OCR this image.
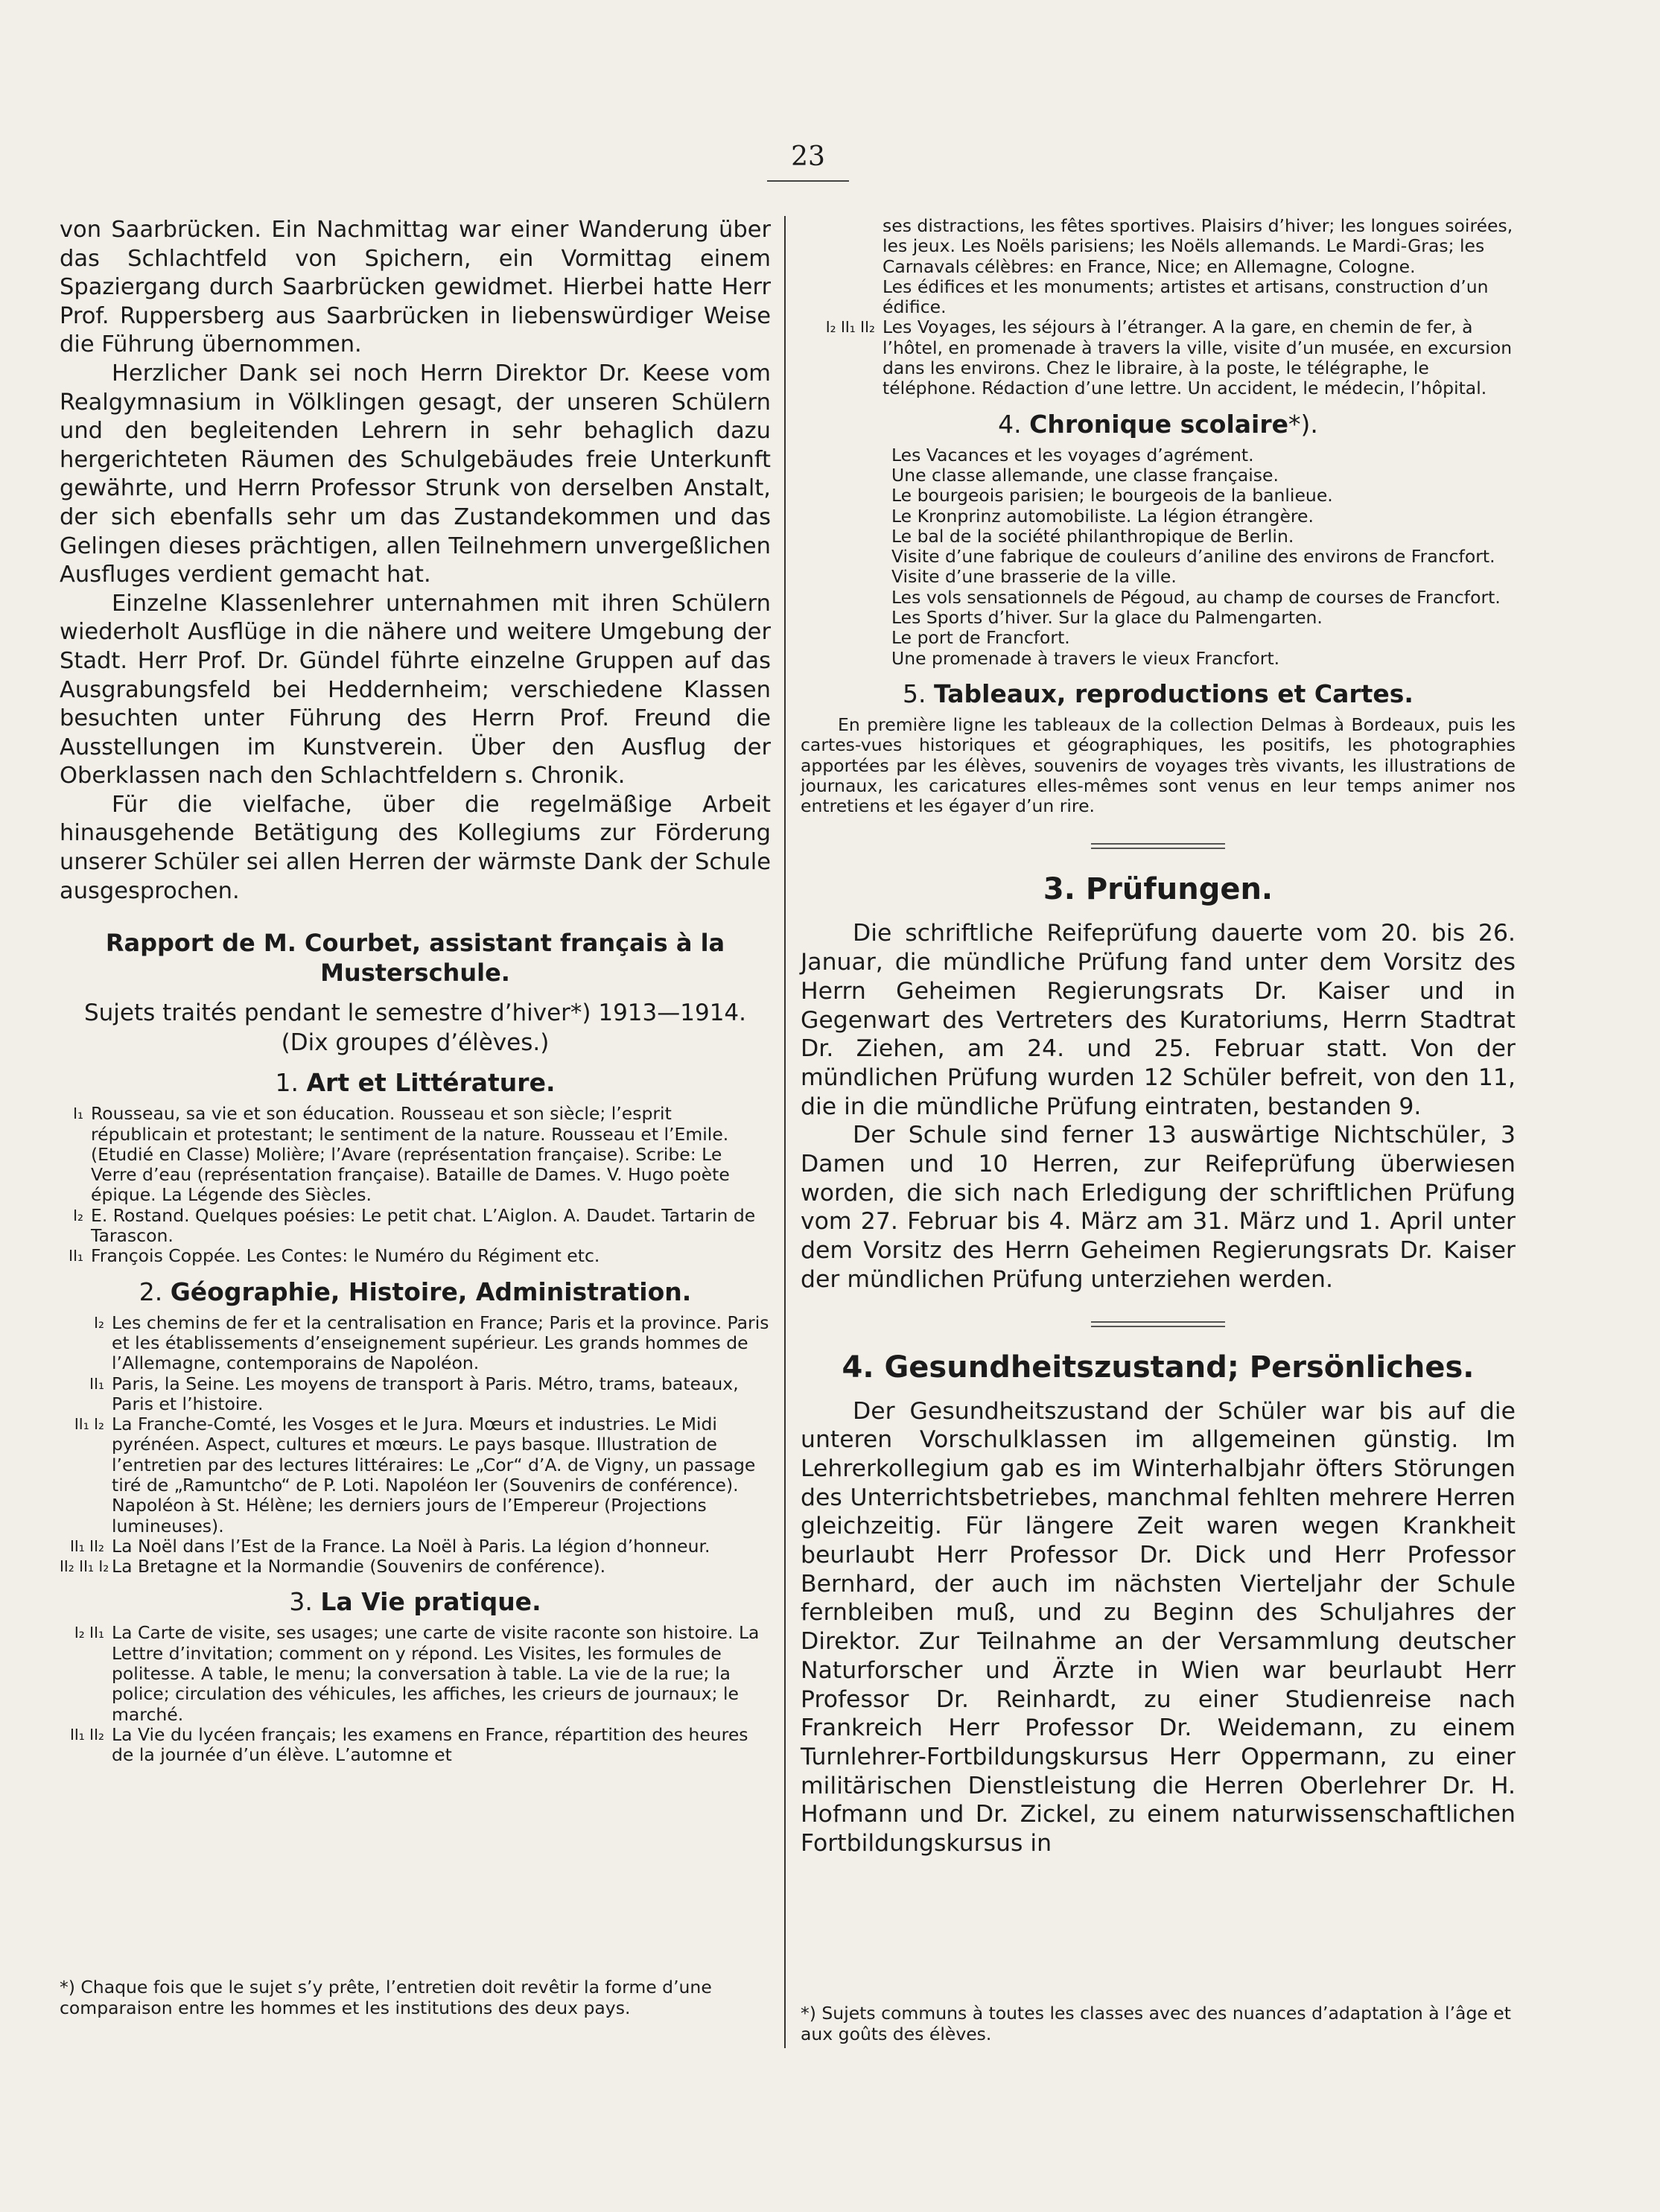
23
von Saarbrücken. Ein Nachmittag war einer Wanderung über das Schlachtfeld von Spichern, ein Vormittag einem Spaziergang durch Saarbrücken gewidmet. Hierbei hatte Herr Prof. Ruppersberg aus Saarbrücken in liebenswürdiger Weise die Führung übernommen.
Herzlicher Dank sei noch Herrn Direktor Dr. Keese vom Realgymnasium in Völklingen gesagt, der unseren Schülern und den begleitenden Lehrern in sehr behaglich dazu hergerichteten Räumen des Schulgebäudes freie Unterkunft gewährte, und Herrn Professor Strunk von derselben Anstalt, der sich ebenfalls sehr um das Zustandekommen und das Gelingen dieses prächtigen, allen Teilnehmern unvergeßlichen Ausfluges verdient gemacht hat.
Einzelne Klassenlehrer unternahmen mit ihren Schülern wiederholt Ausflüge in die nähere und weitere Umgebung der Stadt. Herr Prof. Dr. Gündel führte einzelne Gruppen auf das Ausgrabungsfeld bei Heddernheim; verschiedene Klassen besuchten unter Führung des Herrn Prof. Freund die Ausstellungen im Kunstverein. Über den Ausflug der Oberklassen nach den Schlachtfeldern s. Chronik.
Für die vielfache, über die regelmäßige Arbeit hinausgehende Betätigung des Kollegiums zur Förderung unserer Schüler sei allen Herren der wärmste Dank der Schule ausgesprochen.
Rapport de M. Courbet, assistant français à la Musterschule.
Sujets traités pendant le semestre d’hiver*) 1913—1914.
(Dix groupes d’élèves.)
1. Art et Littérature.
I₁ Rousseau, sa vie et son éducation. Rousseau et son siècle; l’esprit républicain et protestant; le sentiment de la nature. Rousseau et l’Emile. (Etudié en Classe) Molière; l’Avare (représentation française). Scribe: Le Verre d’eau (représentation française). Bataille de Dames. V. Hugo poète épique. La Légende des Siècles.
I₂ E. Rostand. Quelques poésies: Le petit chat. L’Aiglon. A. Daudet. Tartarin de Tarascon.
II₁ François Coppée. Les Contes: le Numéro du Régiment etc.
2. Géographie, Histoire, Administration.
I₂ Les chemins de fer et la centralisation en France; Paris et la province. Paris et les établissements d’enseignement supérieur. Les grands hommes de l’Allemagne, contemporains de Napoléon.
II₁ Paris, la Seine. Les moyens de transport à Paris. Métro, trams, bateaux, Paris et l’histoire.
II₁ I₂ La Franche-Comté, les Vosges et le Jura. Mœurs et industries. Le Midi pyrénéen. Aspect, cultures et mœurs. Le pays basque. Illustration de l’entretien par des lectures littéraires: Le „Cor“ d’A. de Vigny, un passage tiré de „Ramuntcho“ de P. Loti. Napoléon Ier (Souvenirs de conférence). Napoléon à St. Hélène; les derniers jours de l’Empereur (Projections lumineuses).
II₁ II₂ La Noël dans l’Est de la France. La Noël à Paris. La légion d’honneur.
II₂ II₁ I₂ La Bretagne et la Normandie (Souvenirs de conférence).
3. La Vie pratique.
I₂ II₁ La Carte de visite, ses usages; une carte de visite raconte son histoire. La Lettre d’invitation; comment on y répond. Les Visites, les formules de politesse. A table, le menu; la conversation à table. La vie de la rue; la police; circulation des véhicules, les affiches, les crieurs de journaux; le marché.
II₁ II₂ La Vie du lycéen français; les examens en France, répartition des heures de la journée d’un élève. L’automne et
*) Chaque fois que le sujet s’y prête, l’entretien doit revêtir la forme d’une comparaison entre les hommes et les institutions des deux pays.

ses distractions, les fêtes sportives. Plaisirs d’hiver; les longues soirées, les jeux. Les Noëls parisiens; les Noëls allemands. Le Mardi-Gras; les Carnavals célèbres: en France, Nice; en Allemagne, Cologne.

Les édifices et les monuments; artistes et artisans, construction d’un édifice.

I₂ II₁ II₂ Les Voyages, les séjours à l’étranger. A la gare, en chemin de fer, à l’hôtel, en promenade à travers la ville, visite d’un musée, en excursion dans les environs. Chez le libraire, à la poste, le télégraphe, le téléphone. Rédaction d’une lettre. Un accident, le médecin, l’hôpital.
4. Chronique scolaire*).
Les Vacances et les voyages d’agrément.
Une classe allemande, une classe française.
Le bourgeois parisien; le bourgeois de la banlieue.
Le Kronprinz automobiliste. La légion étrangère.
Le bal de la société philanthropique de Berlin.
Visite d’une fabrique de couleurs d’aniline des environs de Francfort.
Visite d’une brasserie de la ville.
Les vols sensationnels de Pégoud, au champ de courses de Francfort.
Les Sports d’hiver. Sur la glace du Palmengarten.
Le port de Francfort.
Une promenade à travers le vieux Francfort.
5. Tableaux, reproductions et Cartes.

En première ligne les tableaux de la collection Delmas à Bordeaux, puis les cartes-vues historiques et géographiques, les positifs, les photographies apportées par les élèves, souvenirs de voyages très vivants, les illustrations de journaux, les caricatures elles-mêmes sont venus en leur temps animer nos entretiens et les égayer d’un rire.

3. Prüfungen.
Die schriftliche Reifeprüfung dauerte vom 20. bis 26. Januar, die mündliche Prüfung fand unter dem Vorsitz des Herrn Geheimen Regierungsrats Dr. Kaiser und in Gegenwart des Vertreters des Kuratoriums, Herrn Stadtrat Dr. Ziehen, am 24. und 25. Februar statt. Von der mündlichen Prüfung wurden 12 Schüler befreit, von den 11, die in die mündliche Prüfung eintraten, bestanden 9.
Der Schule sind ferner 13 auswärtige Nichtschüler, 3 Damen und 10 Herren, zur Reifeprüfung überwiesen worden, die sich nach Erledigung der schriftlichen Prüfung vom 27. Februar bis 4. März am 31. März und 1. April unter dem Vorsitz des Herrn Geheimen Regierungsrats Dr. Kaiser der mündlichen Prüfung unterziehen werden.
4. Gesundheitszustand; Persönliches.
Der Gesundheitszustand der Schüler war bis auf die unteren Vorschulklassen im allgemeinen günstig. Im Lehrerkollegium gab es im Winterhalbjahr öfters Störungen des Unterrichtsbetriebes, manchmal fehlten mehrere Herren gleichzeitig. Für längere Zeit waren wegen Krankheit beurlaubt Herr Professor Dr. Dick und Herr Professor Bernhard, der auch im nächsten Vierteljahr der Schule fernbleiben muß, und zu Beginn des Schuljahres der Direktor. Zur Teilnahme an der Versammlung deutscher Naturforscher und Ärzte in Wien war beurlaubt Herr Professor Dr. Reinhardt, zu einer Studienreise nach Frankreich Herr Professor Dr. Weidemann, zu einem Turnlehrer-Fortbildungskursus Herr Oppermann, zu einer militärischen Dienstleistung die Herren Oberlehrer Dr. H. Hofmann und Dr. Zickel, zu einem naturwissenschaftlichen Fortbildungskursus in
*) Sujets communs à toutes les classes avec des nuances d’adaptation à l’âge et aux goûts des élèves.
